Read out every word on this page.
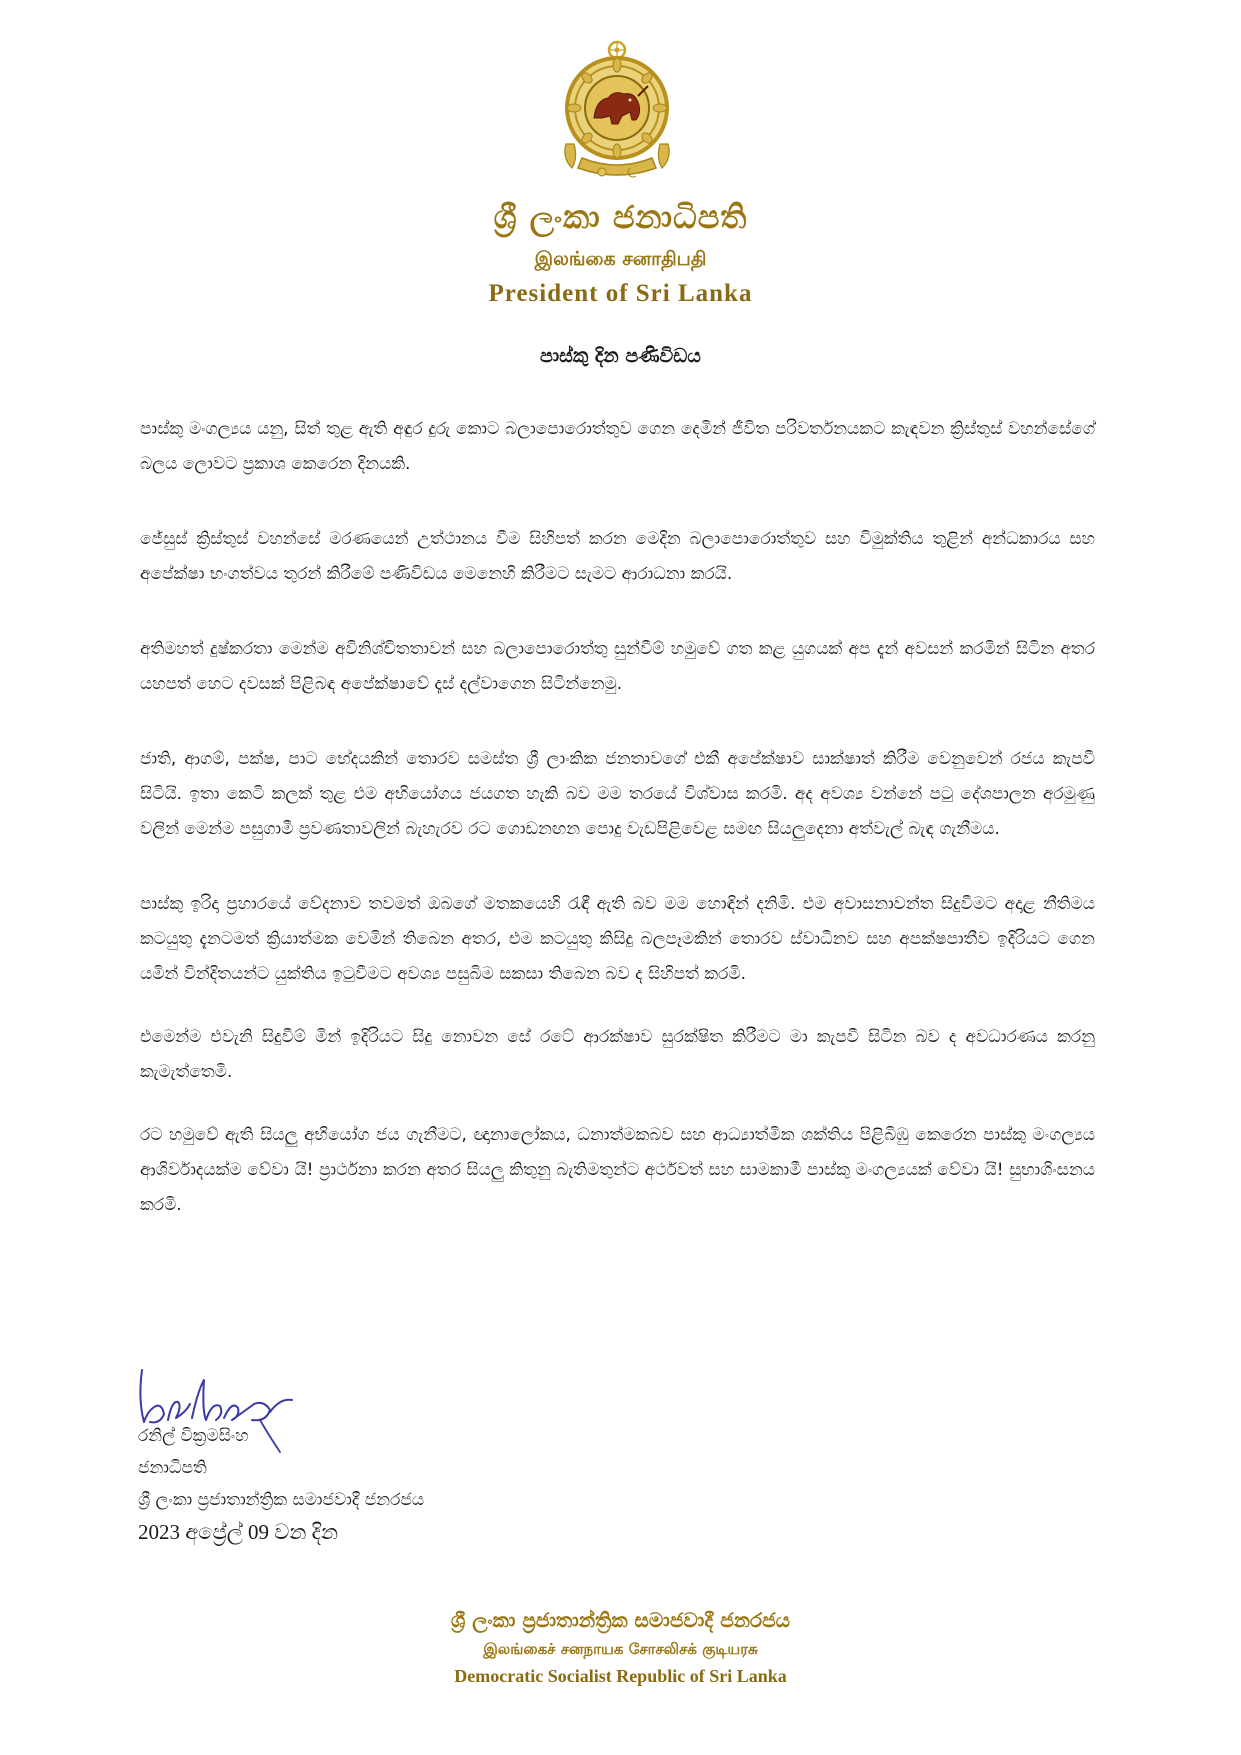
ශ්‍රී ලංකා ජනාධිපති
இலங்கை சனாதிபதி
President of Sri Lanka
පාස්කු දින පණිවිඩය

පාස්කු මංගල්‍යය යනු, සිත් තුළ ඇති අඳුර දුරු කොට බලාපොරොත්තුව ගෙන දෙමින් ජීවිත පරිවර්තනයකට කැඳවන ක්‍රිස්තුස් වහන්සේගේ බලය ලොවට ප්‍රකාශ කෙරෙන දිනයකි.

ජේසුස් ක්‍රිස්තුස් වහන්සේ මරණයෙන් උත්ථානය වීම සිහිපත් කරන මෙදින බලාපොරොත්තුව සහ විමුක්තිය තුළින් අන්ධකාරය සහ අපේක්ෂා භංගත්වය තුරන් කිරීමේ පණිවිඩය මෙනෙහි කිරීමට සැමට ආරාධනා කරයි.

අතිමහත් දුෂ්කරතා මෙන්ම අවිනිශ්චිතතාවන් සහ බලාපොරොත්තු සුන්වීම් හමුවේ ගත කළ යුගයක් අප දැන් අවසන් කරමින් සිටින අතර යහපත් හෙට දවසක් පිළිබඳ අපේක්ෂාවේ දෑස් දල්වාගෙන සිටින්නෙමු.

ජාති, ආගම්, පක්ෂ, පාට භේදයකින් තොරව සමස්ත ශ්‍රී ලාංකික ජනතාවගේ එකී අපේක්ෂාව සාක්ෂාත් කිරීම වෙනුවෙන් රජය කැපවී සිටියි. ඉතා කෙටි කලක් තුළ එම අභියෝගය ජයගත හැකි බව මම තරයේ විශ්වාස කරමි. අද අවශ්‍ය වන්නේ පටු දේශපාලන අරමුණු වලින් මෙන්ම පසුගාමී ප්‍රවණතාවලින් බැහැරව රට ගොඩනඟන පොදු වැඩපිළිවෙළ සමඟ සියලුදෙනා අත්වැල් බැඳ ගැනීමය.

පාස්කු ඉරිදා ප්‍රහාරයේ වේදනාව තවමත් ඔබගේ මතකයෙහි රැඳී ඇති බව මම හොඳින් දනිමි. එම අවාසනාවන්ත සිදුවීමට අදාළ නීතිමය කටයුතු දැනටමත් ක්‍රියාත්මක වෙමින් තිබෙන අතර, එම කටයුතු කිසිදු බලපෑමකින් තොරව ස්වාධීනව සහ අපක්ෂපාතීව ඉදිරියට ගෙන යමින් වින්දිතයන්ට යුක්තිය ඉටුවීමට අවශ්‍ය පසුබිම සකසා තිබෙන බව ද සිහිපත් කරමි.

එමෙන්ම එවැනි සිදුවීම් මින් ඉදිරියට සිදු නොවන සේ රටේ ආරක්ෂාව සුරක්ෂිත කිරීමට මා කැපවී සිටින බව ද අවධාරණය කරනු කැමැත්තෙමි.

රට හමුවේ ඇති සියලු අභියෝග ජය ගැනීමට, ඥානාලෝකය, ධනාත්මකබව සහ ආධ්‍යාත්මික ශක්තිය පිළිබිඹු කෙරෙන පාස්කු මංගල්‍යය ආශිර්වාදයක්ම වේවා යි! ප්‍රාර්ථනා කරන අතර සියලු කිතුනු බැතිමතුන්ට අර්ථවත් සහ සාමකාමී පාස්කු මංගල්‍යයක් වේවා යි! සුභාශිංසනය කරමි.

රනිල් වික්‍රමසිංහ
ජනාධිපති
ශ්‍රී ලංකා ප්‍රජාතාන්ත්‍රික සමාජවාදී ජනරජය
2023 අප්‍රේල් 09 වන දින
ශ්‍රී ලංකා ප්‍රජාතාන්ත්‍රික සමාජවාදී ජනරජය
இலங்கைச் சனநாயக சோசலிசக் குடியரசு
Democratic Socialist Republic of Sri Lanka
